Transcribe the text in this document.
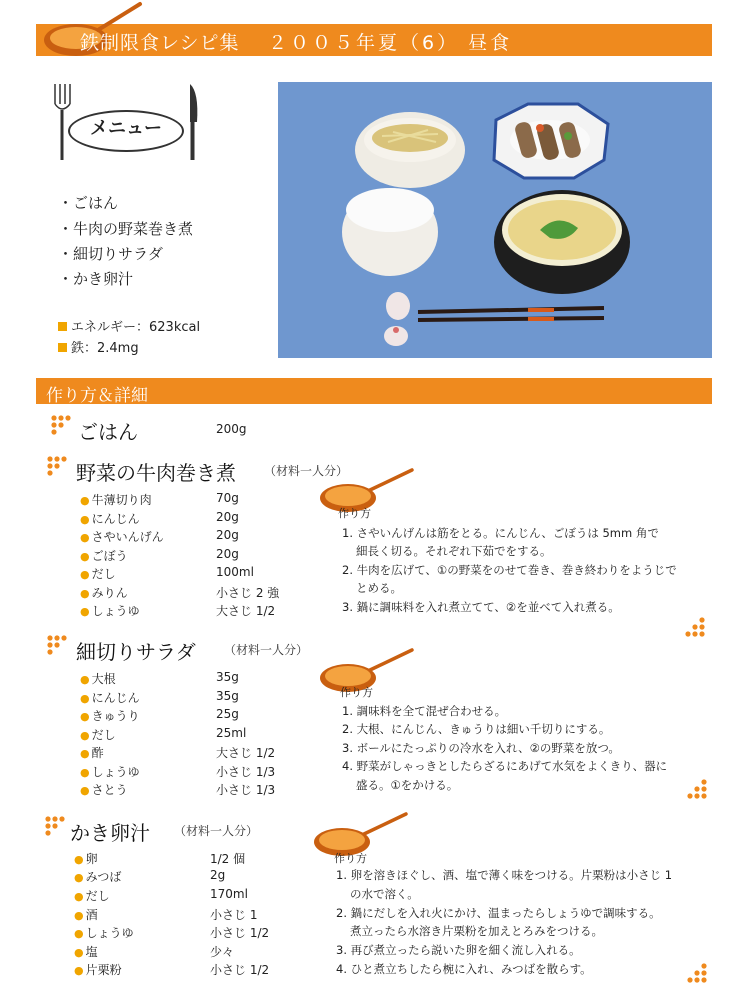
鉄制限食レシピ集 ２００５年夏（6） 昼食
メニュー
・ごはん
・牛肉の野菜巻き煮
・細切りサラダ
・かき卵汁
エネルギー：623kcal
鉄：2.4mg
作り方＆詳細
ごはん	200g
野菜の牛肉巻き煮 （材料一人分）
● 牛薄切り肉	70g
● にんじん	20g
● さやいんげん	20g
● ごぼう	20g
● だし	100ml
● みりん	小さじ 2 強
● しょうゆ	大さじ 1/2
作り方
1. さやいんげんは筋をとる。にんじん、ごぼうは 5mm 角で
細長く切る。それぞれ下茹でをする。
2. 牛肉を広げて、①の野菜をのせて巻き、巻き終わりをようじで
とめる。
3. 鍋に調味料を入れ煮立てて、②を並べて入れ煮る。
細切りサラダ （材料一人分）
● 大根	35g
● にんじん	35g
● きゅうり	25g
● だし	25ml
● 酢	大さじ 1/2
● しょうゆ	小さじ 1/3
● さとう	小さじ 1/3
作り方
1. 調味料を全て混ぜ合わせる。
2. 大根、にんじん、きゅうりは細い千切りにする。
3. ボールにたっぷりの冷水を入れ、②の野菜を放つ。
4. 野菜がしゃっきとしたらざるにあげて水気をよくきり、器に
盛る。①をかける。
かき卵汁 （材料一人分）
● 卵	1/2 個
● みつば	2g
● だし	170ml
● 酒	小さじ 1
● しょうゆ	小さじ 1/2
● 塩	少々
● 片栗粉	小さじ 1/2
作り方
1. 卵を溶きほぐし、酒、塩で薄く味をつける。片栗粉は小さじ 1
の水で溶く。
2. 鍋にだしを入れ火にかけ、温まったらしょうゆで調味する。
煮立ったら水溶き片栗粉を加えとろみをつける。
3. 再び煮立ったら説いた卵を細く流し入れる。
4. ひと煮立ちしたら椀に入れ、みつばを散らす。
